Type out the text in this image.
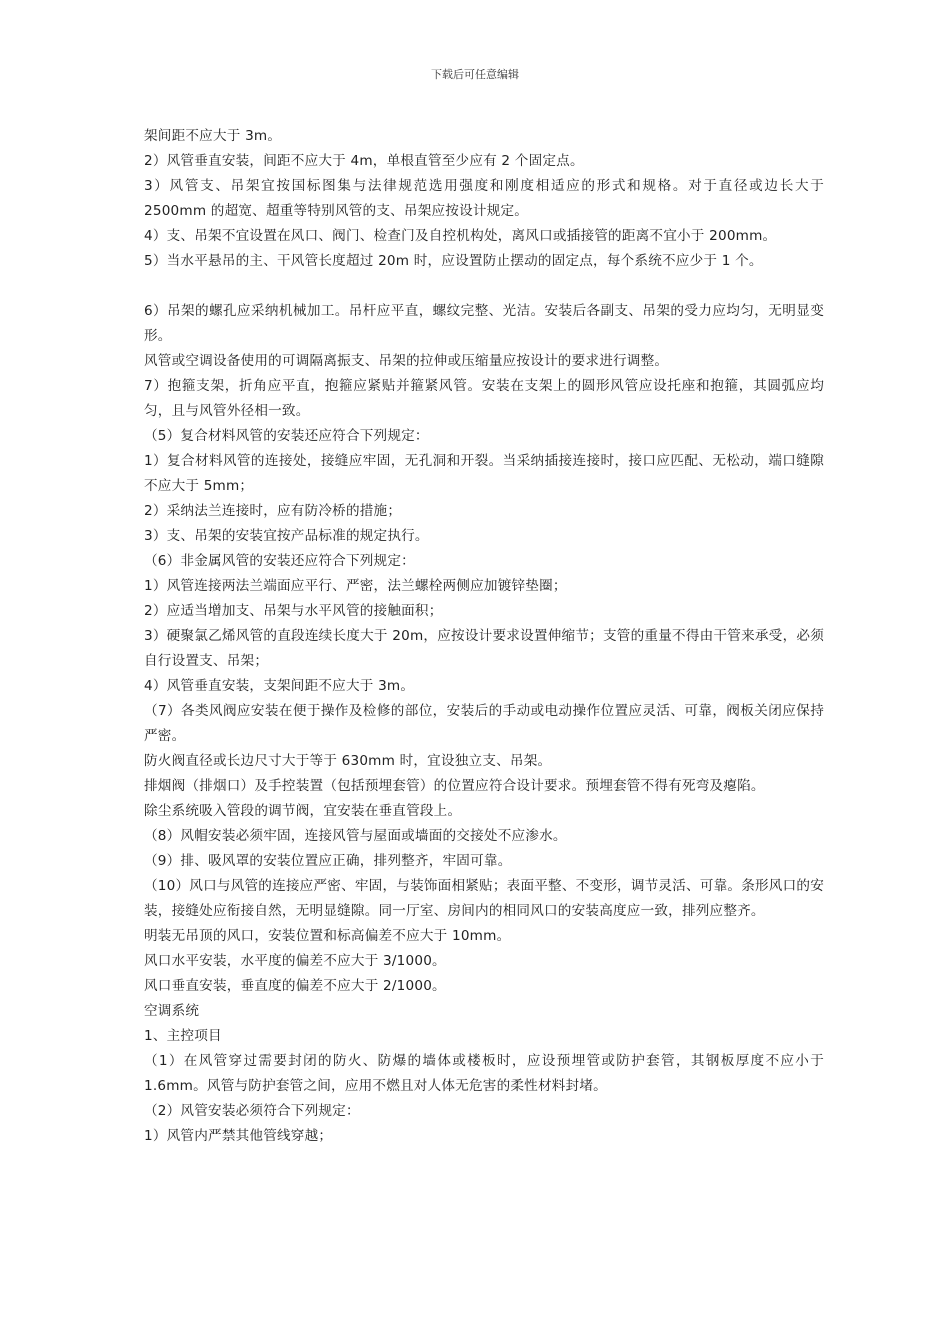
下载后可任意编辑

架间距不应大于 3m。

2）风管垂直安装，间距不应大于 4m，单根直管至少应有 2 个固定点。

3）风管支、吊架宜按国标图集与法律规范选用强度和刚度相适应的形式和规格。对于直径或边长大于 2500mm 的超宽、超重等特别风管的支、吊架应按设计规定。

4）支、吊架不宜设置在风口、阀门、检查门及自控机构处，离风口或插接管的距离不宜小于 200mm。

5）当水平悬吊的主、干风管长度超过 20m 时，应设置防止摆动的固定点，每个系统不应少于 1 个。

6）吊架的螺孔应采纳机械加工。吊杆应平直，螺纹完整、光洁。安装后各副支、吊架的受力应均匀，无明显变形。

风管或空调设备使用的可调隔离振支、吊架的拉伸或压缩量应按设计的要求进行调整。

7）抱箍支架，折角应平直，抱箍应紧贴并箍紧风管。安装在支架上的圆形风管应设托座和抱箍，其圆弧应均匀，且与风管外径相一致。

（5）复合材料风管的安装还应符合下列规定：

1）复合材料风管的连接处，接缝应牢固，无孔洞和开裂。当采纳插接连接时，接口应匹配、无松动，端口缝隙不应大于 5mm；

2）采纳法兰连接时，应有防冷桥的措施；

3）支、吊架的安装宜按产品标准的规定执行。

（6）非金属风管的安装还应符合下列规定：

1）风管连接两法兰端面应平行、严密，法兰螺栓两侧应加镀锌垫圈；

2）应适当增加支、吊架与水平风管的接触面积；

3）硬聚氯乙烯风管的直段连续长度大于 20m，应按设计要求设置伸缩节；支管的重量不得由干管来承受，必须自行设置支、吊架；

4）风管垂直安装，支架间距不应大于 3m。

（7）各类风阀应安装在便于操作及检修的部位，安装后的手动或电动操作位置应灵活、可靠，阀板关闭应保持严密。

防火阀直径或长边尺寸大于等于 630mm 时，宜设独立支、吊架。

排烟阀（排烟口）及手控装置（包括预埋套管）的位置应符合设计要求。预埋套管不得有死弯及瘪陷。

除尘系统吸入管段的调节阀，宜安装在垂直管段上。

（8）风帽安装必须牢固，连接风管与屋面或墙面的交接处不应渗水。

（9）排、吸风罩的安装位置应正确，排列整齐，牢固可靠。

（10）风口与风管的连接应严密、牢固，与装饰面相紧贴；表面平整、不变形，调节灵活、可靠。条形风口的安装，接缝处应衔接自然，无明显缝隙。同一厅室、房间内的相同风口的安装高度应一致，排列应整齐。

明装无吊顶的风口，安装位置和标高偏差不应大于 10mm。

风口水平安装，水平度的偏差不应大于 3/1000。

风口垂直安装，垂直度的偏差不应大于 2/1000。

空调系统

1、主控项目

（1）在风管穿过需要封闭的防火、防爆的墙体或楼板时，应设预埋管或防护套管，其钢板厚度不应小于 1.6mm。风管与防护套管之间，应用不燃且对人体无危害的柔性材料封堵。

（2）风管安装必须符合下列规定：

1）风管内严禁其他管线穿越；
